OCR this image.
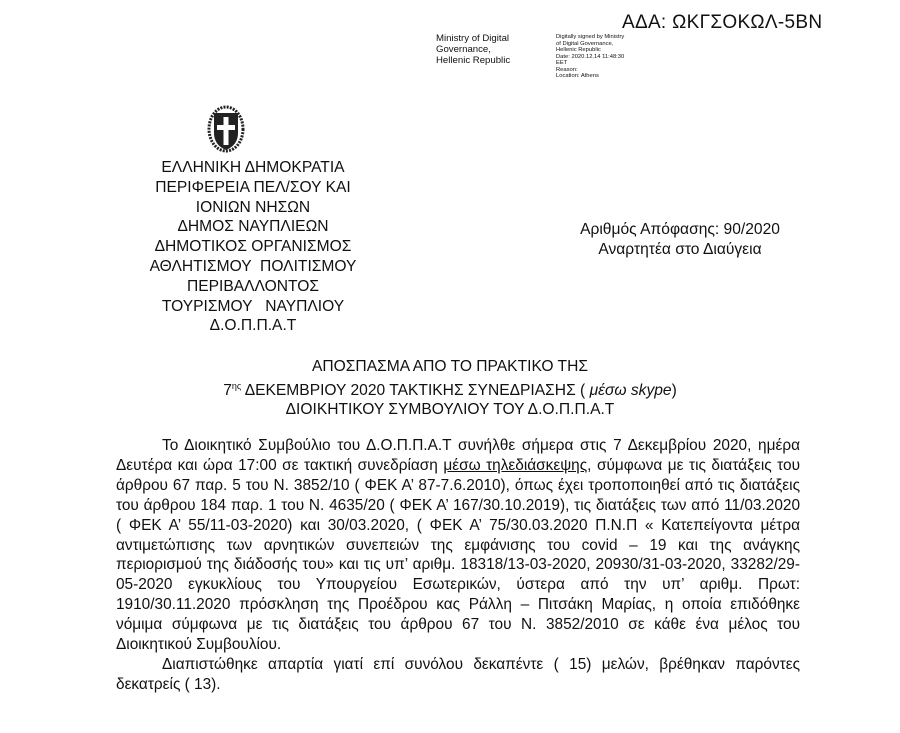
ΑΔΑ: ΩΚΓΣΟΚΩΛ-5ΒΝ
Ministry of Digital
Governance,
Hellenic Republic
Digitally signed by Ministry
of Digital Governance,
Hellenic Republic
Date: 2020.12.14 11:48:30
EET
Reason:
Location: Athens
ΕΛΛΗΝΙΚΗ ΔΗΜΟΚΡΑΤΙΑ
ΠΕΡΙΦΕΡΕΙΑ ΠΕΛ/ΣΟΥ ΚΑΙ
ΙΟΝΙΩΝ ΝΗΣΩΝ
ΔΗΜΟΣ ΝΑΥΠΛΙΕΩΝ
ΔΗΜΟΤΙΚΟΣ ΟΡΓΑΝΙΣΜΟΣ
ΑΘΛΗΤΙΣΜΟΥ  ΠΟΛΙΤΙΣΜΟΥ
ΠΕΡΙΒΑΛΛΟΝΤΟΣ
ΤΟΥΡΙΣΜΟΥ   ΝΑΥΠΛΙΟΥ
Δ.Ο.Π.Π.Α.Τ
Αριθμός Απόφασης: 90/2020
Αναρτητέα στο Διαύγεια
ΑΠΟΣΠΑΣΜΑ ΑΠΟ ΤΟ ΠΡΑΚΤΙΚΟ ΤΗΣ
$7^{\eta\varsigma}$ ΔΕΚΕΜΒΡΙΟΥ 2020 ΤΑΚΤΙΚΗΣ ΣΥΝΕΔΡΙΑΣΗΣ ( μέσω skype)
ΔΙΟΙΚΗΤΙΚΟΥ ΣΥΜΒΟΥΛΙΟΥ ΤΟΥ Δ.Ο.Π.Π.Α.Τ

Το Διοικητικό Συμβούλιο του Δ.Ο.Π.Π.Α.Τ συνήλθε σήμερα στις 7 Δεκεμβρίου 2020, ημέρα Δευτέρα και ώρα 17:00 σε τακτική συνεδρίαση μέσω τηλεδιάσκεψης, σύμφωνα με τις διατάξεις του άρθρου 67 παρ. 5 του Ν. 3852/10 ( ΦΕΚ Α’ 87-7.6.2010), όπως έχει τροποποιηθεί από τις διατάξεις του άρθρου 184 παρ. 1 του Ν. 4635/20 ( ΦΕΚ Α’ 167/30.10.2019), τις διατάξεις των από 11/03.2020 ( ΦΕΚ Α’ 55/11-03-2020) και 30/03.2020, ( ΦΕΚ Α’ 75/30.03.2020 Π.Ν.Π « Κατεπείγοντα μέτρα αντιμετώπισης των αρνητικών συνεπειών της εμφάνισης του covid – 19 και της ανάγκης περιορισμού της διάδοσής του» και τις υπ’ αριθμ. 18318/13-03-2020, 20930/31-03-2020, 33282/29-05-2020 εγκυκλίους του Υπουργείου Εσωτερικών, ύστερα από την υπ’ αριθμ. Πρωτ: 1910/30.11.2020 πρόσκληση της Προέδρου κας Ράλλη – Πιτσάκη Μαρίας, η οποία επιδόθηκε νόμιμα σύμφωνα με τις διατάξεις του άρθρου 67 του Ν. 3852/2010 σε κάθε ένα μέλος του Διοικητικού Συμβουλίου.

Διαπιστώθηκε απαρτία γιατί επί συνόλου δεκαπέντε ( 15) μελών, βρέθηκαν παρόντες δεκατρείς ( 13).
